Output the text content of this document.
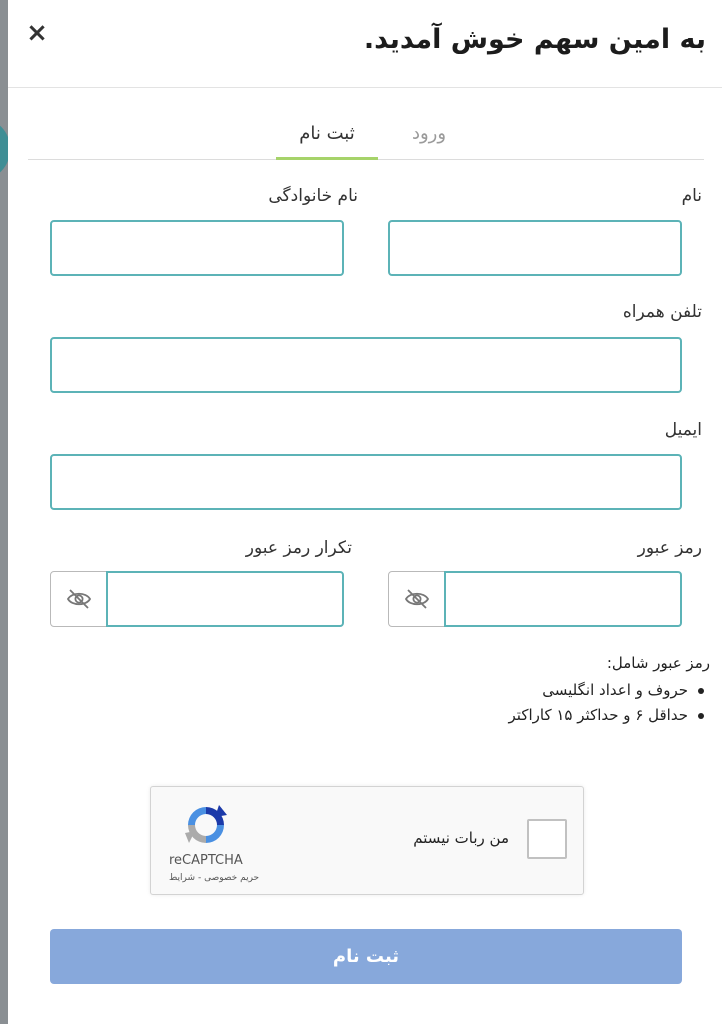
به امین سهم خوش آمدید.
×
ثبت نام	ورود
نام
نام خانوادگی
تلفن همراه
ایمیل
رمز عبور
تکرار رمز عبور
رمز عبور شامل:
حروف و اعداد انگلیسی
حداقل ۶ و حداکثر ۱۵ کاراکتر
من ربات نیستم
reCAPTCHA
حریم خصوصی - شرایط
ثبت نام
